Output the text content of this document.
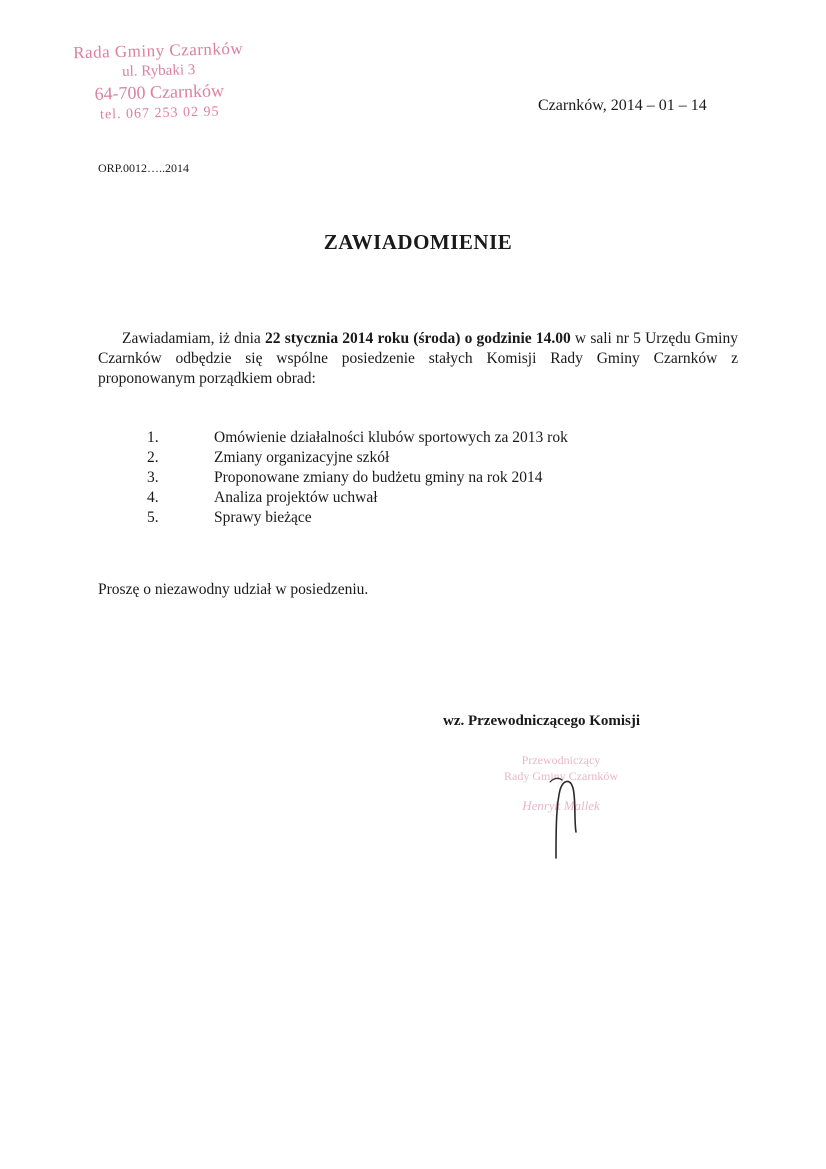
Rada Gminy Czarnków
ul. Rybaki 3
64-700 Czarnków
tel. 067 253 02 95	Czarnków, 2014 – 01 – 14
ORP.0012…..2014
ZAWIADOMIENIE
Zawiadamiam, iż dnia 22 stycznia 2014 roku (środa) o godzinie 14.00 w sali nr 5 Urzędu Gminy Czarnków odbędzie się wspólne posiedzenie stałych Komisji Rady Gminy Czarnków z proponowanym porządkiem obrad:
1.	Omówienie działalności klubów sportowych za 2013 rok
2.	Zmiany organizacyjne szkół
3.	Proponowane zmiany do budżetu gminy na rok 2014
4.	Analiza projektów uchwał
5.	Sprawy bieżące
Proszę o niezawodny udział w posiedzeniu.
wz. Przewodniczącego Komisji
Przewodniczący
Rady Gminy Czarnków
Henryk Mallek
